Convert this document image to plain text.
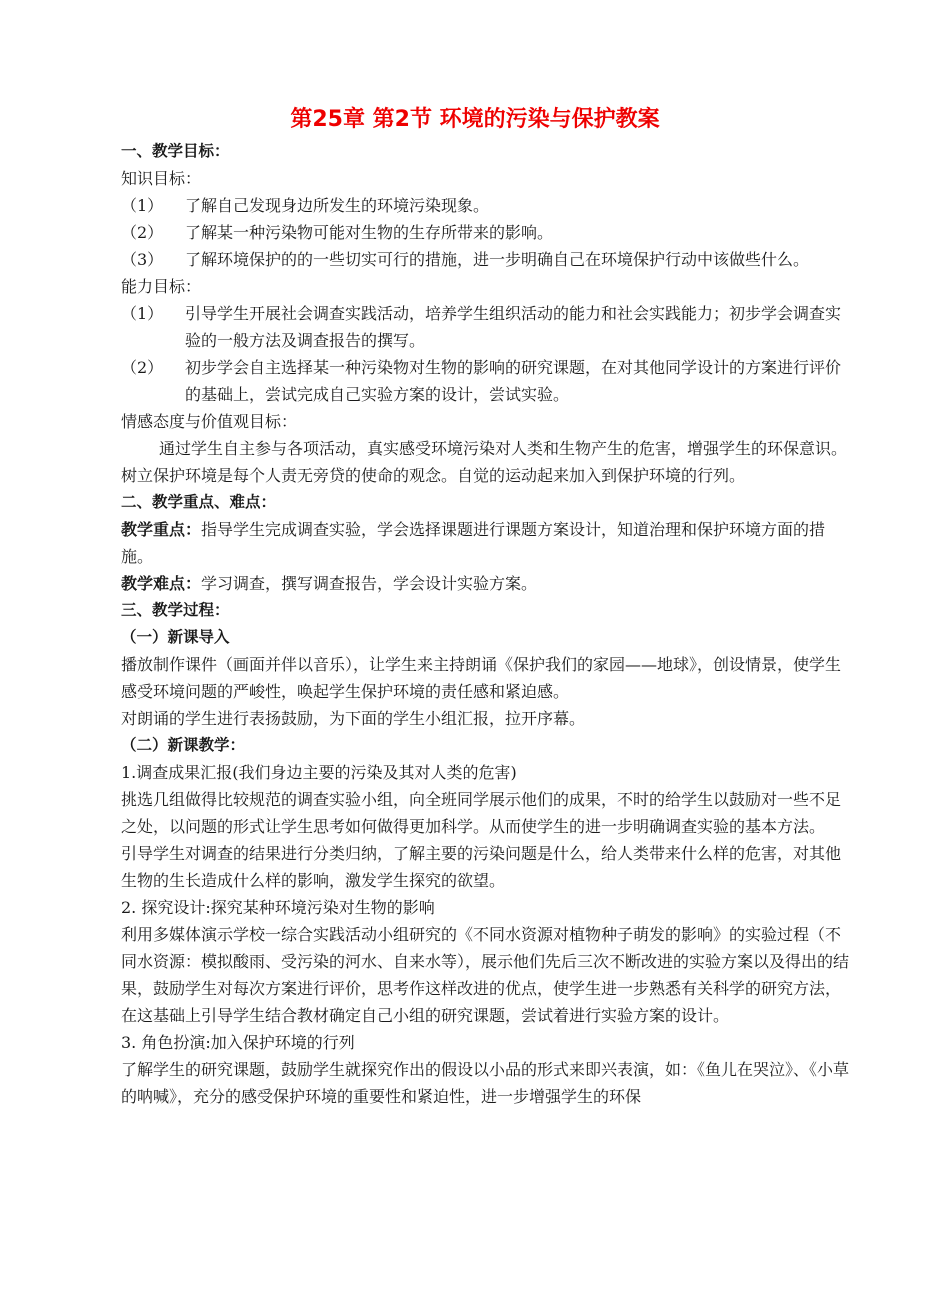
第25章 第2节 环境的污染与保护教案
一、教学目标：
知识目标：
（1） 了解自己发现身边所发生的环境污染现象。
（2） 了解某一种污染物可能对生物的生存所带来的影响。
（3） 了解环境保护的的一些切实可行的措施，进一步明确自己在环境保护行动中该做些什么。
能力目标：
（1） 引导学生开展社会调查实践活动，培养学生组织活动的能力和社会实践能力；初步学会调查实验的一般方法及调查报告的撰写。
（2） 初步学会自主选择某一种污染物对生物的影响的研究课题，在对其他同学设计的方案进行评价的基础上，尝试完成自己实验方案的设计，尝试实验。
情感态度与价值观目标：

通过学生自主参与各项活动，真实感受环境污染对人类和生物产生的危害，增强学生的环保意识。树立保护环境是每个人责无旁贷的使命的观念。自觉的运动起来加入到保护环境的行列。

二、教学重点、难点：

教学重点：指导学生完成调查实验，学会选择课题进行课题方案设计，知道治理和保护环境方面的措施。

教学难点：学习调查，撰写调查报告，学会设计实验方案。

三、教学过程：
（一）新课导入

播放制作课件（画面并伴以音乐），让学生来主持朗诵《保护我们的家园——地球》，创设情景，使学生感受环境问题的严峻性，唤起学生保护环境的责任感和紧迫感。

对朗诵的学生进行表扬鼓励，为下面的学生小组汇报，拉开序幕。

（二）新课教学：
1.调查成果汇报(我们身边主要的污染及其对人类的危害)

挑选几组做得比较规范的调查实验小组，向全班同学展示他们的成果，不时的给学生以鼓励对一些不足之处，以问题的形式让学生思考如何做得更加科学。从而使学生的进一步明确调查实验的基本方法。

引导学生对调查的结果进行分类归纳，了解主要的污染问题是什么，给人类带来什么样的危害，对其他生物的生长造成什么样的影响，激发学生探究的欲望。

2. 探究设计:探究某种环境污染对生物的影响

利用多媒体演示学校一综合实践活动小组研究的《不同水资源对植物种子萌发的影响》的实验过程（不同水资源：模拟酸雨、受污染的河水、自来水等），展示他们先后三次不断改进的实验方案以及得出的结果，鼓励学生对每次方案进行评价，思考作这样改进的优点，使学生进一步熟悉有关科学的研究方法，在这基础上引导学生结合教材确定自己小组的研究课题，尝试着进行实验方案的设计。

3. 角色扮演:加入保护环境的行列

了解学生的研究课题，鼓励学生就探究作出的假设以小品的形式来即兴表演，如：《鱼儿在哭泣》、《小草的呐喊》，充分的感受保护环境的重要性和紧迫性，进一步增强学生的环保
